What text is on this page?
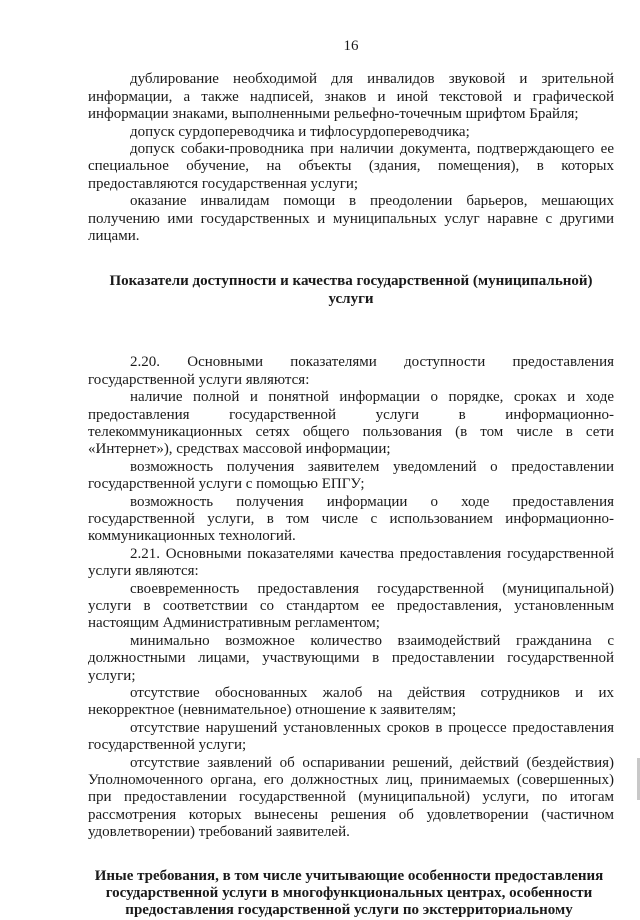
16

дублирование необходимой для инвалидов звуковой и зрительной информации, а также надписей, знаков и иной текстовой и графической информации знаками, выполненными рельефно-точечным шрифтом Брайля;

допуск сурдопереводчика и тифлосурдопереводчика;

допуск собаки-проводника при наличии документа, подтверждающего ее специальное обучение, на объекты (здания, помещения), в которых предоставляются государственная услуги;

оказание инвалидам помощи в преодолении барьеров, мешающих получению ими государственных и муниципальных услуг наравне с другими лицами.

Показатели доступности и качества государственной (муниципальной) услуги

2.20. Основными показателями доступности предоставления государственной услуги являются:

наличие полной и понятной информации о порядке, сроках и ходе предоставления государственной услуги в информационно-телекоммуникационных сетях общего пользования (в том числе в сети «Интернет»), средствах массовой информации;

возможность получения заявителем уведомлений о предоставлении государственной услуги с помощью ЕПГУ;

возможность получения информации о ходе предоставления государственной услуги, в том числе с использованием информационно-коммуникационных технологий.

2.21. Основными показателями качества предоставления государственной услуги являются:

своевременность предоставления государственной (муниципальной) услуги в соответствии со стандартом ее предоставления, установленным настоящим Административным регламентом;

минимально возможное количество взаимодействий гражданина с должностными лицами, участвующими в предоставлении государственной услуги;

отсутствие обоснованных жалоб на действия сотрудников и их некорректное (невнимательное) отношение к заявителям;

отсутствие нарушений установленных сроков в процессе предоставления государственной услуги;

отсутствие заявлений об оспаривании решений, действий (бездействия) Уполномоченного органа, его должностных лиц, принимаемых (совершенных) при предоставлении государственной (муниципальной) услуги, по итогам рассмотрения которых вынесены решения об удовлетворении (частичном удовлетворении) требований заявителей.

Иные требования, в том числе учитывающие особенности предоставления государственной услуги в многофункциональных центрах, особенности предоставления государственной услуги по экстерриториальному
